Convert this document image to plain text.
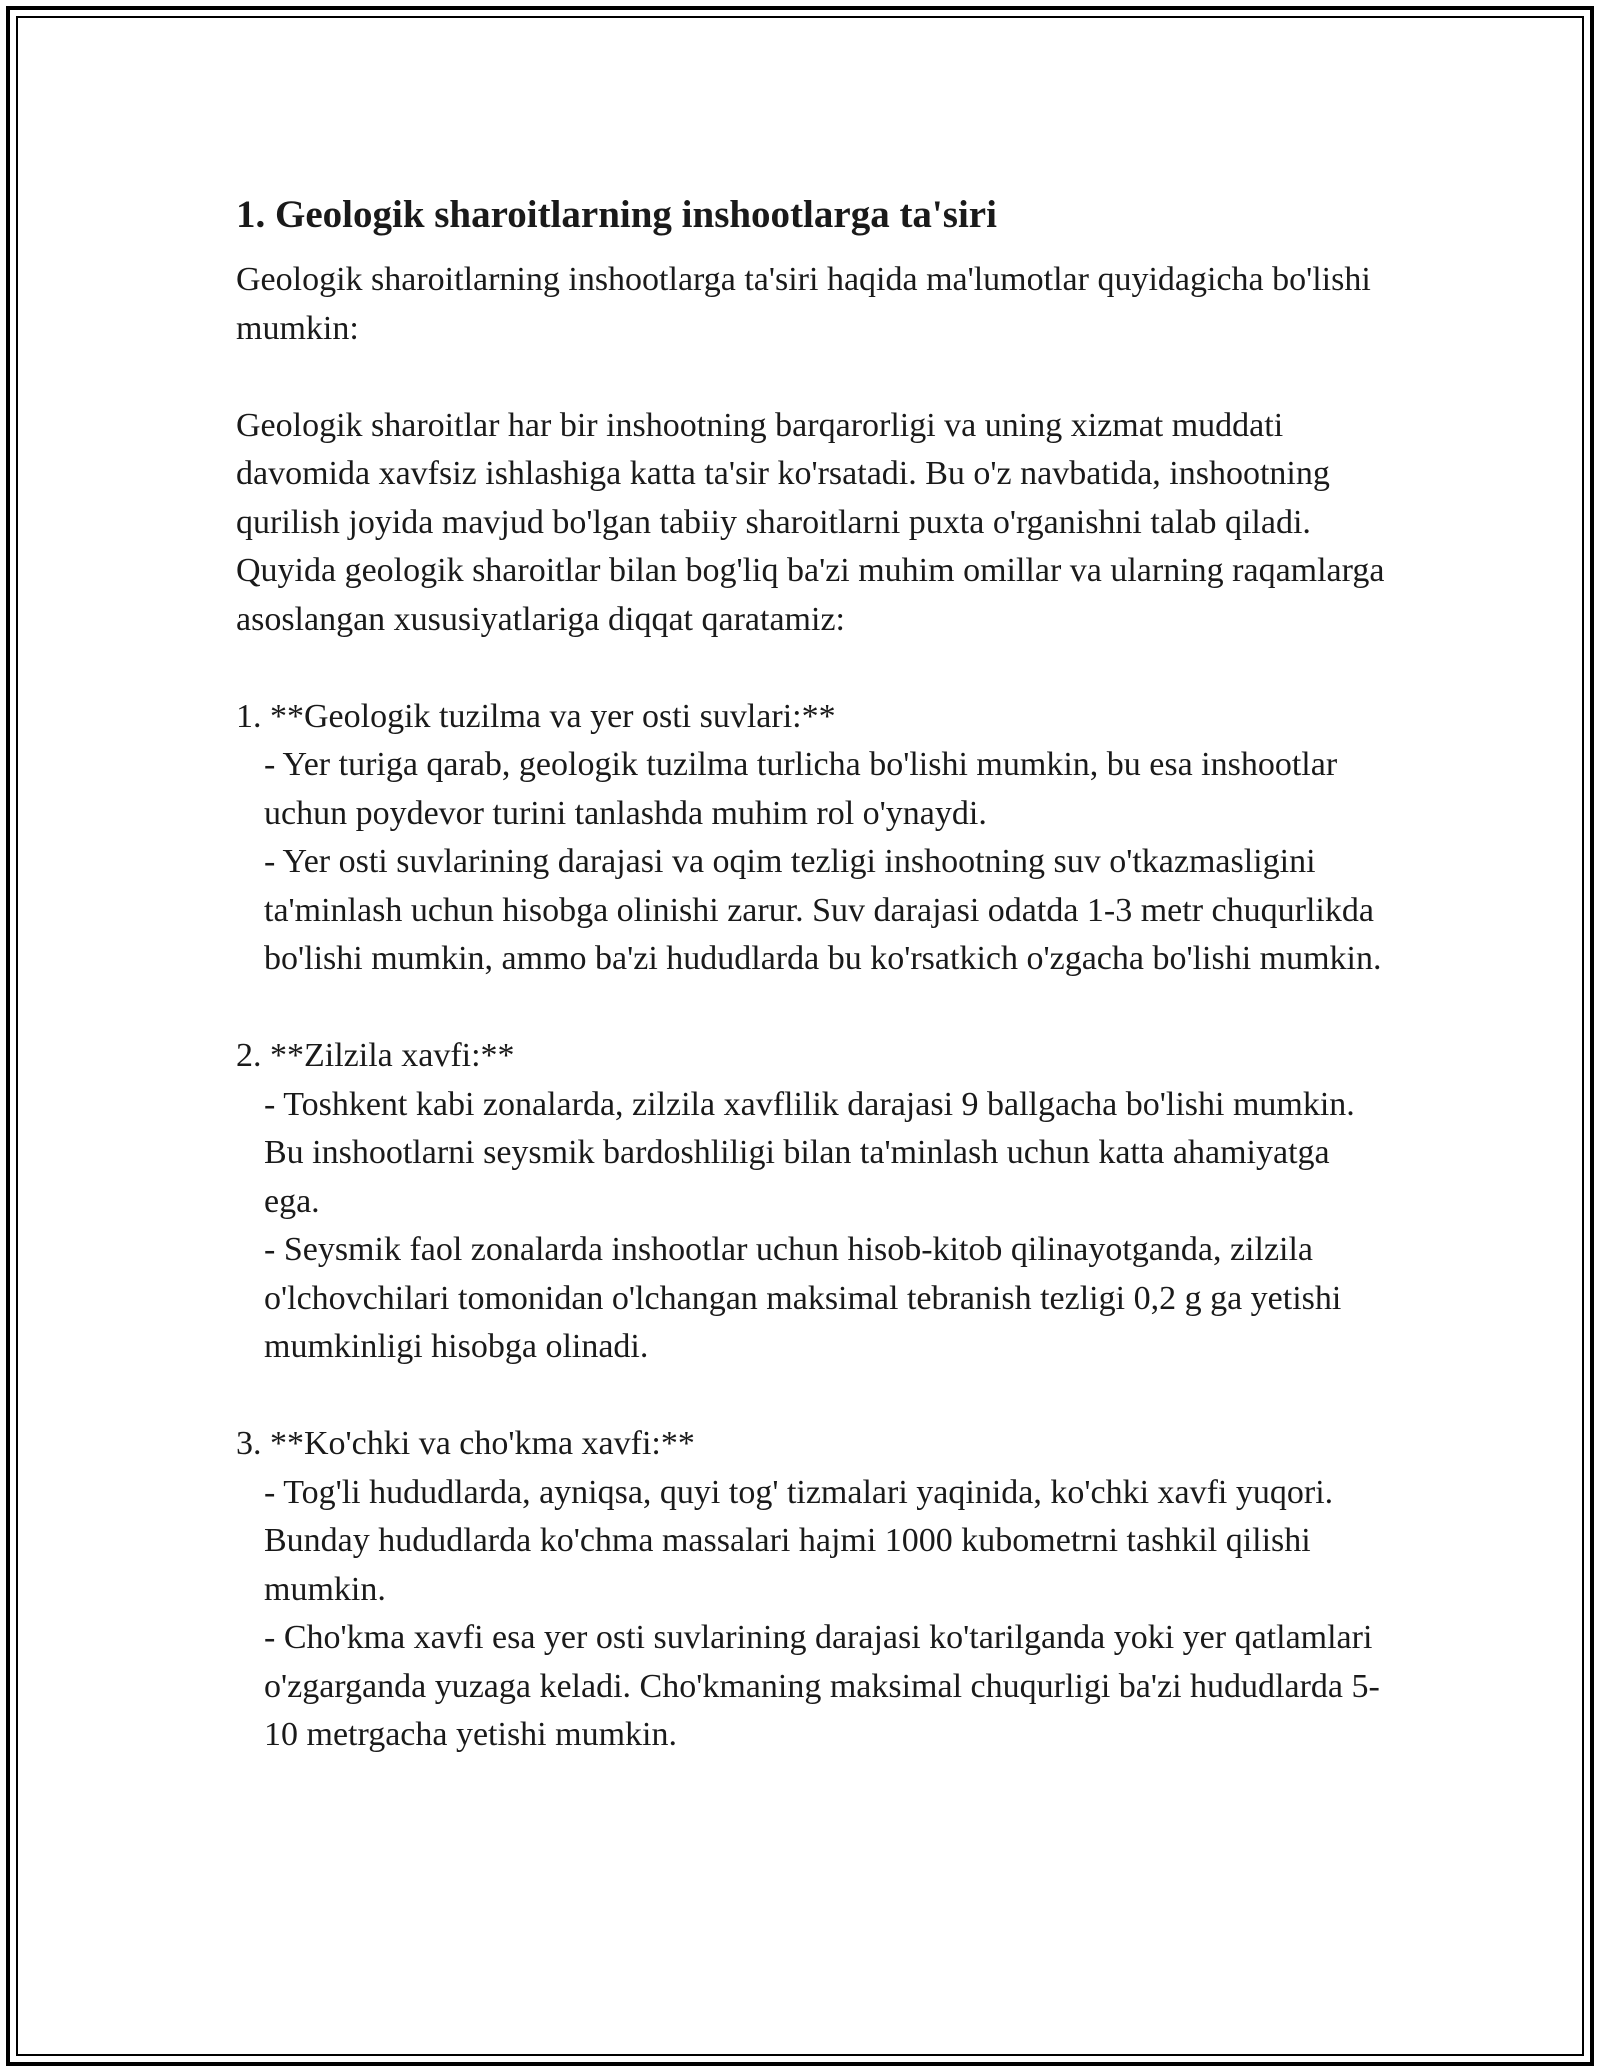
1. Geologik sharoitlarning inshootlarga ta'siri

Geologik sharoitlarning inshootlarga ta'siri haqida ma'lumotlar quyidagicha bo'lishi mumkin:

Geologik sharoitlar har bir inshootning barqarorligi va uning xizmat muddati davomida xavfsiz ishlashiga katta ta'sir ko'rsatadi. Bu o'z navbatida, inshootning qurilish joyida mavjud bo'lgan tabiiy sharoitlarni puxta o'rganishni talab qiladi. Quyida geologik sharoitlar bilan bog'liq ba'zi muhim omillar va ularning raqamlarga asoslangan xususiyatlariga diqqat qaratamiz:

1. **Geologik tuzilma va yer osti suvlari:**

- Yer turiga qarab, geologik tuzilma turlicha bo'lishi mumkin, bu esa inshootlar uchun poydevor turini tanlashda muhim rol o'ynaydi.

- Yer osti suvlarining darajasi va oqim tezligi inshootning suv o'tkazmasligini ta'minlash uchun hisobga olinishi zarur. Suv darajasi odatda 1-3 metr chuqurlikda bo'lishi mumkin, ammo ba'zi hududlarda bu ko'rsatkich o'zgacha bo'lishi mumkin.

2. **Zilzila xavfi:**

- Toshkent kabi zonalarda, zilzila xavflilik darajasi 9 ballgacha bo'lishi mumkin. Bu inshootlarni seysmik bardoshliligi bilan ta'minlash uchun katta ahamiyatga ega.

- Seysmik faol zonalarda inshootlar uchun hisob-kitob qilinayotganda, zilzila o'lchovchilari tomonidan o'lchangan maksimal tebranish tezligi 0,2 g ga yetishi mumkinligi hisobga olinadi.

3. **Ko'chki va cho'kma xavfi:**

- Tog'li hududlarda, ayniqsa, quyi tog' tizmalari yaqinida, ko'chki xavfi yuqori. Bunday hududlarda ko'chma massalari hajmi 1000 kubometrni tashkil qilishi mumkin.

- Cho'kma xavfi esa yer osti suvlarining darajasi ko'tarilganda yoki yer qatlamlari o'zgarganda yuzaga keladi. Cho'kmaning maksimal chuqurligi ba'zi hududlarda 5-10 metrgacha yetishi mumkin.
